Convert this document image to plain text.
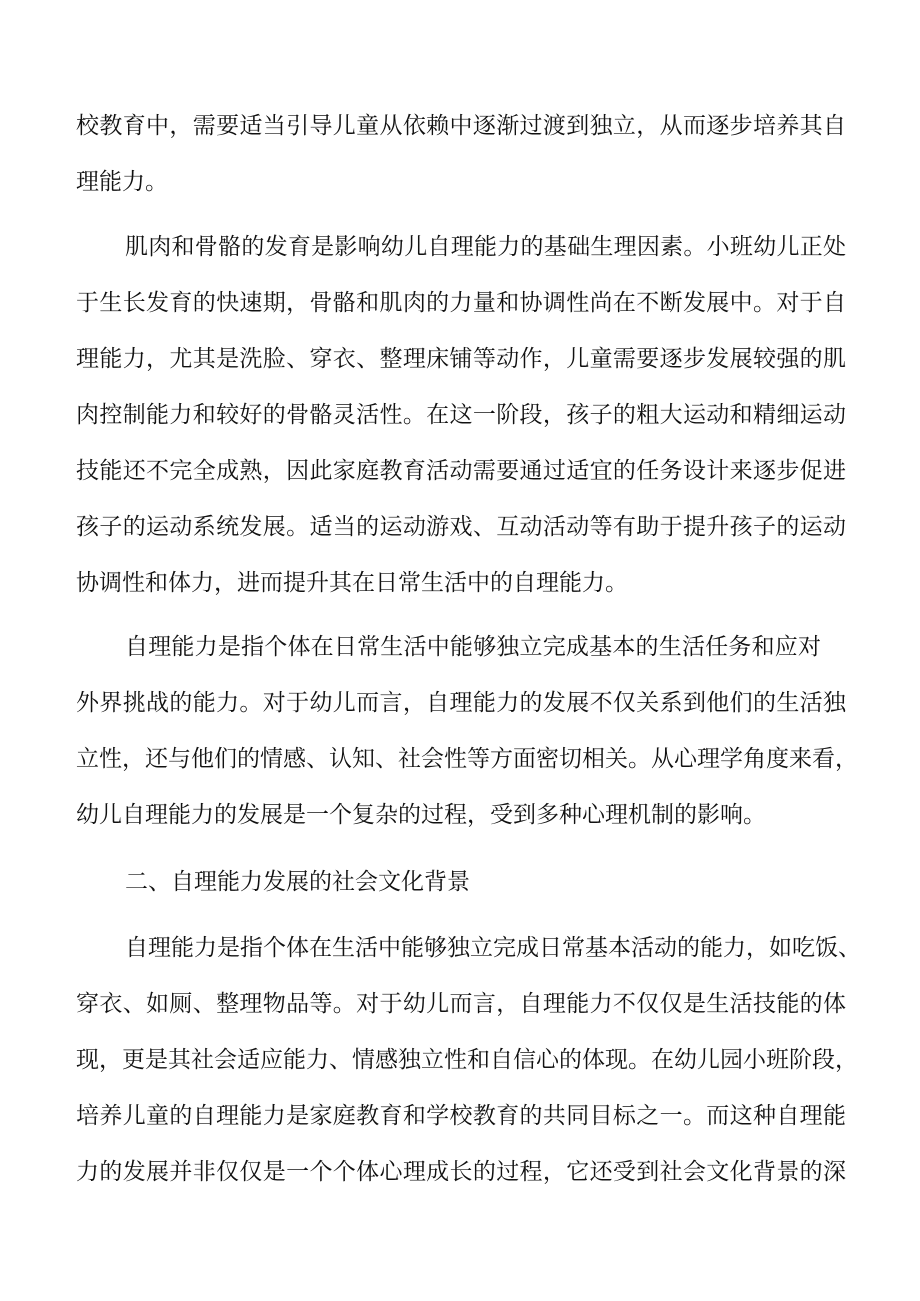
校教育中，需要适当引导儿童从依赖中逐渐过渡到独立，从而逐步培养其自
理能力。
肌肉和骨骼的发育是影响幼儿自理能力的基础生理因素。小班幼儿正处
于生长发育的快速期，骨骼和肌肉的力量和协调性尚在不断发展中。对于自
理能力，尤其是洗脸、穿衣、整理床铺等动作，儿童需要逐步发展较强的肌
肉控制能力和较好的骨骼灵活性。在这一阶段，孩子的粗大运动和精细运动
技能还不完全成熟，因此家庭教育活动需要通过适宜的任务设计来逐步促进
孩子的运动系统发展。适当的运动游戏、互动活动等有助于提升孩子的运动
协调性和体力，进而提升其在日常生活中的自理能力。
自理能力是指个体在日常生活中能够独立完成基本的生活任务和应对
外界挑战的能力。对于幼儿而言，自理能力的发展不仅关系到他们的生活独
立性，还与他们的情感、认知、社会性等方面密切相关。从心理学角度来看，
幼儿自理能力的发展是一个复杂的过程，受到多种心理机制的影响。
二、自理能力发展的社会文化背景
自理能力是指个体在生活中能够独立完成日常基本活动的能力，如吃饭、
穿衣、如厕、整理物品等。对于幼儿而言，自理能力不仅仅是生活技能的体
现，更是其社会适应能力、情感独立性和自信心的体现。在幼儿园小班阶段，
培养儿童的自理能力是家庭教育和学校教育的共同目标之一。而这种自理能
力的发展并非仅仅是一个个体心理成长的过程，它还受到社会文化背景的深
